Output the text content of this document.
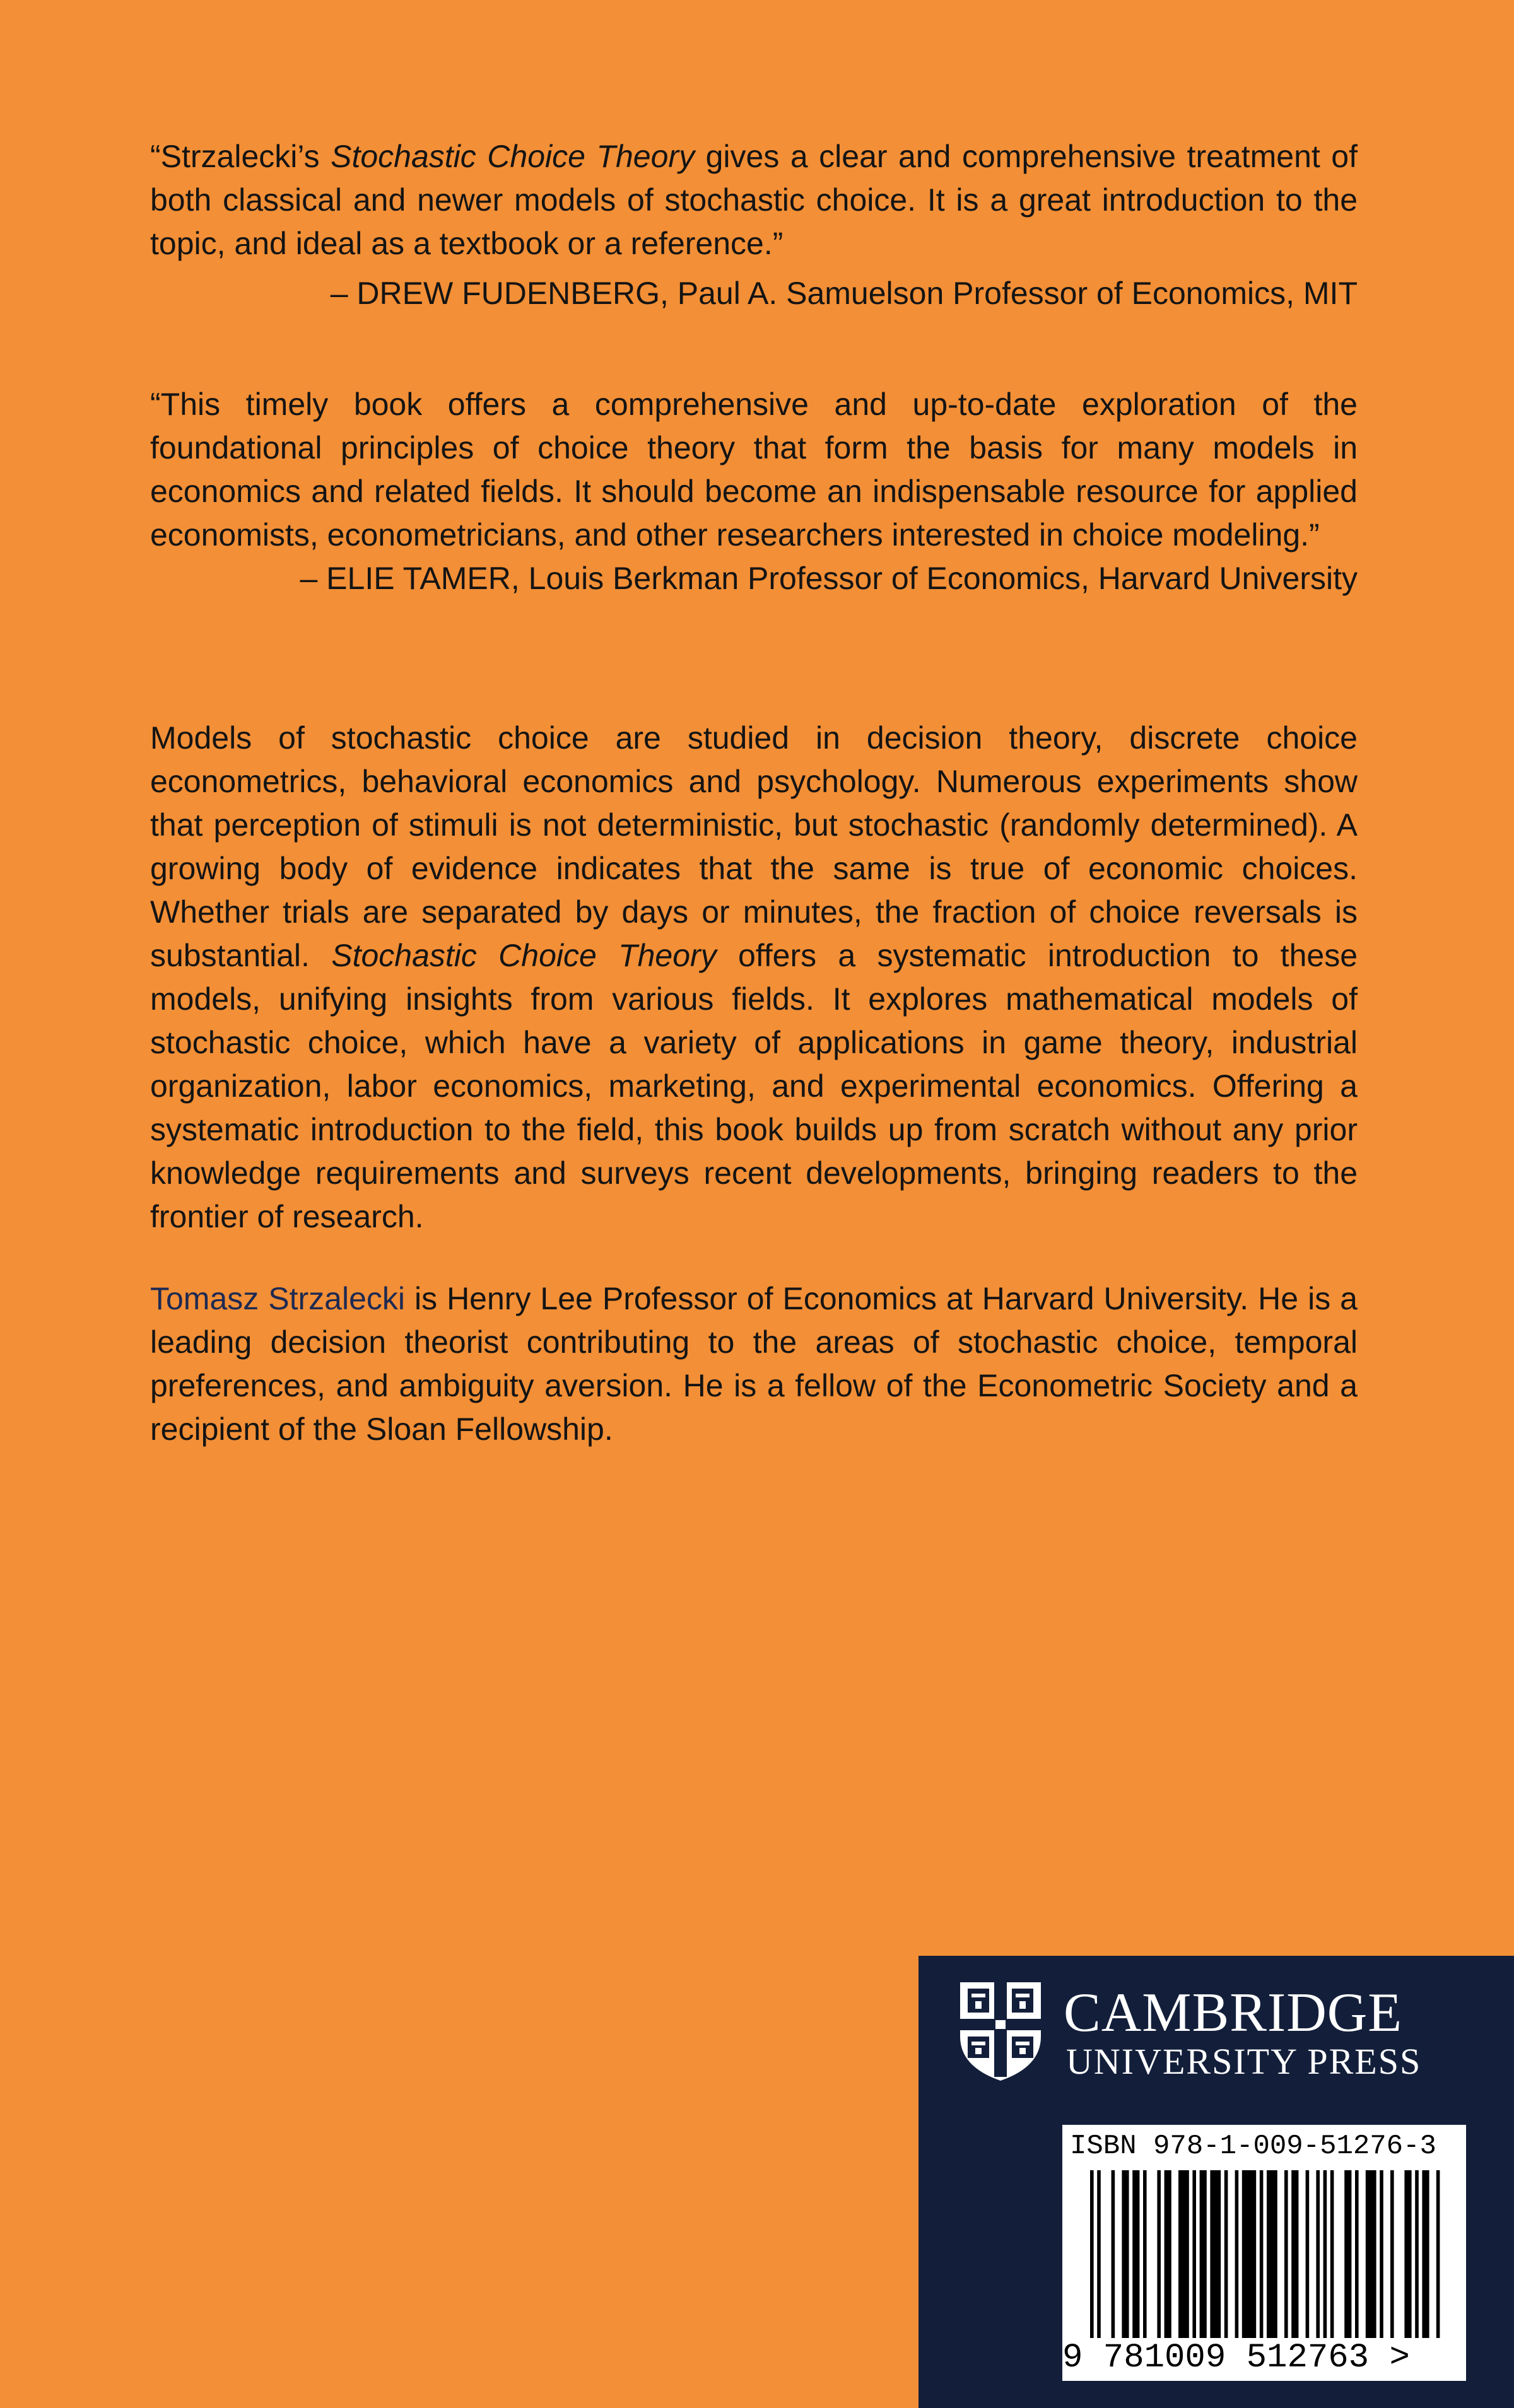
“Strzalecki’s Stochastic Choice Theory gives a clear and comprehensive treatment of both classical and newer models of stochastic choice. It is a great introduction to the topic, and ideal as a textbook or a reference.”

– DREW FUDENBERG, Paul A. Samuelson Professor of Economics, MIT

“This timely book offers a comprehensive and up-to-date exploration of the foundational principles of choice theory that form the basis for many models in economics and related fields. It should become an indispensable resource for applied economists, econometricians, and other researchers interested in choice modeling.”

– ELIE TAMER, Louis Berkman Professor of Economics, Harvard University

Models of stochastic choice are studied in decision theory, discrete choice econometrics, behavioral economics and psychology. Numerous experiments show that perception of stimuli is not deterministic, but stochastic (randomly determined). A growing body of evidence indicates that the same is true of economic choices. Whether trials are separated by days or minutes, the fraction of choice reversals is substantial. Stochastic Choice Theory offers a systematic introduction to these models, unifying insights from various fields. It explores mathematical models of stochastic choice, which have a variety of applications in game theory, industrial organization, labor economics, marketing, and experimental economics. Offering a systematic introduction to the field, this book builds up from scratch without any prior knowledge requirements and surveys recent developments, bringing readers to the frontier of research.

Tomasz Strzalecki is Henry Lee Professor of Economics at Harvard University. He is a leading decision theorist contributing to the areas of stochastic choice, temporal preferences, and ambiguity aversion. He is a fellow of the Econometric Society and a recipient of the Sloan Fellowship.

CAMBRIDGE
UNIVERSITY PRESS
ISBN 978-1-009-51276-3
9 781009 512763 >
